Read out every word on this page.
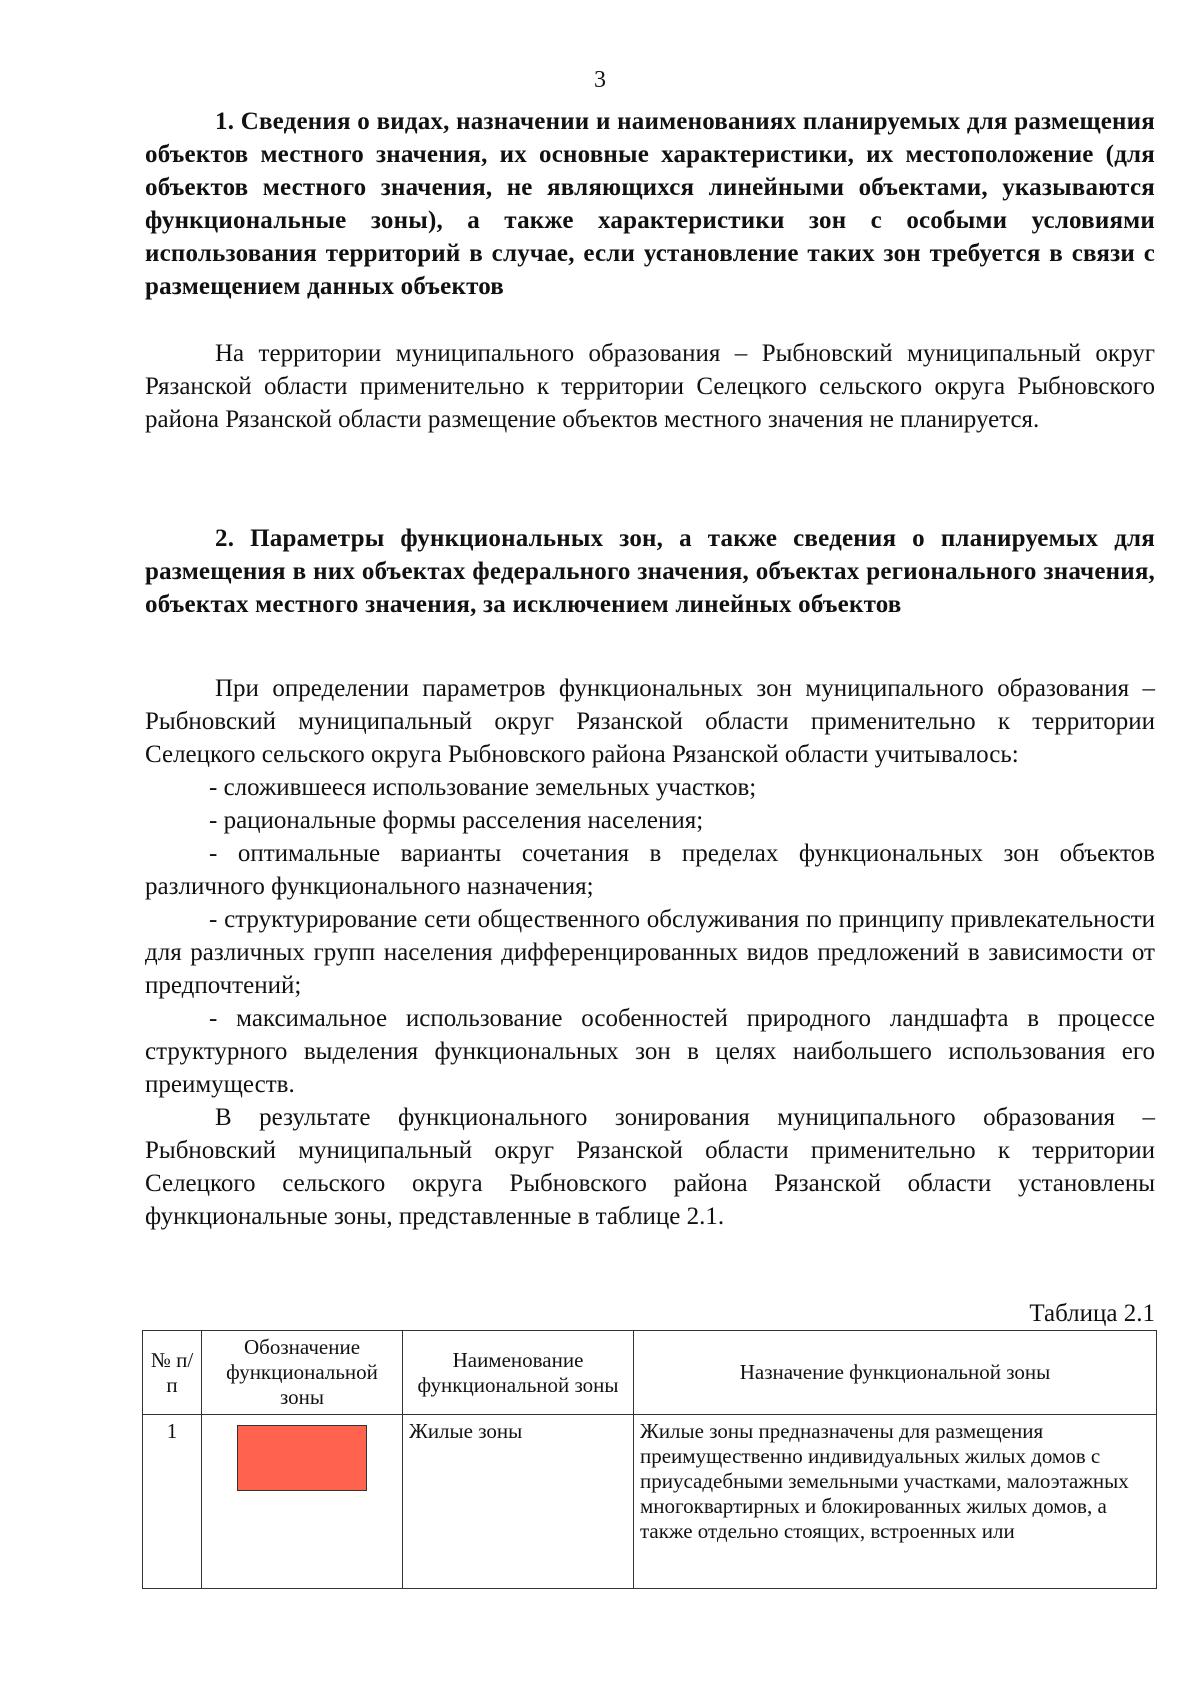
3

1. Сведения о видах, назначении и наименованиях планируемых для размещения объектов местного значения, их основные характеристики, их местоположение (для объектов местного значения, не являющихся линейными объектами, указываются функциональные зоны), а также характеристики зон с особыми условиями использования территорий в случае, если установление таких зон требуется в связи с размещением данных объектов

На территории муниципального образования – Рыбновский муниципальный округ Рязанской области применительно к территории Селецкого сельского округа Рыбновского района Рязанской области размещение объектов местного значения не планируется.

2. Параметры функциональных зон, а также сведения о планируемых для размещения в них объектах федерального значения, объектах регионального значения, объектах местного значения, за исключением линейных объектов

При определении параметров функциональных зон муниципального образования – Рыбновский муниципальный округ Рязанской области применительно к территории Селецкого сельского округа Рыбновского района Рязанской области учитывалось:

- сложившееся использование земельных участков;

- рациональные формы расселения населения;

- оптимальные варианты сочетания в пределах функциональных зон объектов различного функционального назначения;

- структурирование сети общественного обслуживания по принципу привлекательности для различных групп населения дифференцированных видов предложений в зависимости от предпочтений;

- максимальное использование особенностей природного ландшафта в процессе структурного выделения функциональных зон в целях наибольшего использования его преимуществ.

В результате функционального зонирования муниципального образования – Рыбновский муниципальный округ Рязанской области применительно к территории Селецкого сельского округа Рыбновского района Рязанской области установлены функциональные зоны, представленные в таблице 2.1.

Таблица 2.1
№ п/п	Обозначение функциональной зоны	Наименование функциональной зоны	Назначение функциональной зоны
1		Жилые зоны	Жилые зоны предназначены для размещения преимущественно индивидуальных жилых домов с приусадебными земельными участками, малоэтажных многоквартирных и блокированных жилых домов, а также отдельно стоящих, встроенных или
